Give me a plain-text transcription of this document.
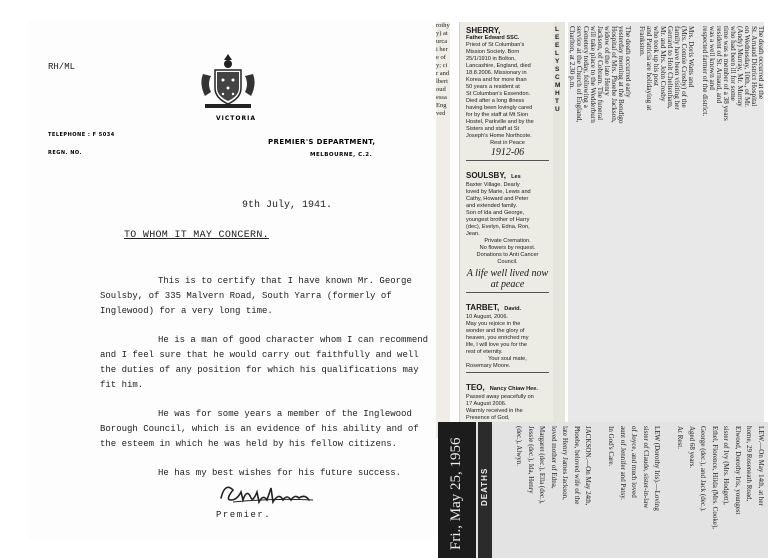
VICTORIA
RH/ML
TELEPHONE : F 5034
REGN. NO.
PREMIER'S DEPARTMENT,
MELBOURNE, C.2.
9th July, 1941.
TO WHOM IT MAY CONCERN.

This is to certify that I have known Mr. George Soulsby, of 335 Malvern Road, South Yarra (formerly of Inglewood) for a very long time.

He is a man of good character whom I can recommend and I feel sure that he would carry out faithfully and well the duties of any position for which his qualifications may fit him.

He was for some years a member of the Inglewood Borough Council, which is an evidence of his ability and of the esteem in which he was held by his fellow citizens.

He has my best wishes for his future success.

Premier.
rothy
y) at
urca
i her
e of
y; ci
r and
lbert
oud
essa
Eng
ved
SHERRY,
Father Edward SSC.
Priest of St Columban's
Mission Society. Born
25/1/1910 in Bolton,
Lancashire, England, died
18.8.2006. Missionary in
Korea and for more than
50 years a resident at
St Columban's Essendon.
Died after a long illness
having been lovingly cared
for by the staff at Mt Sion
Hostel, Parkville and by the
Sisters and staff at St
Joseph's Home Northcote.
Rest in Peace
1912-06
SOULSBY, Les
Baxter Village. Dearly
loved by Marie, Lewis and
Cathy, Howard and Peter
and extended family.
Son of Ida and George,
youngest brother of Harry
(dec), Evelyn, Edna, Ron,
Jean.
Private Cremation.
No flowers by request.
Donations to Anti Cancer
Council.
A life well lived now at peace
TARBET, David.
10 August, 2006.
May you rejoice in the
wonder and the glory of
heaven, you enriched my
life, I will love you for the
rest of eternity.
Your soul mate,
Rosemary Moore.
TEO, Nancy Chiaw Hee.
Passed away peacefully on
17 August 2006.
Warmly received in the
Presence of God,
L
E
E
L
Y
S
C
M
H
T
U
The death occurred at the
St. Arnaud District Hospital
on Wednesday, 10th., of Mr.
(Andy) Murray, Mr. Murray
who had been ill for some
time was a member of a 38 years
resident of St. Arnaud, and
was a well known and
respected farmer of the district.
Mrs. Doris Watts and
(Mrs. Connie Crosby) of the
family have been visiting her
Gerrard to Holt Cheltenham,
Mr. and Mrs. John Crosby
who took up his post
and Patricia are holidaying at
Frankston.
The death occurred early
yesterday morning at the Bendigo
Hospital of Mrs. Phoebe Jackson,
widow of the late Henry
Jackson, of Cobram. The funeral
will take place to the Wedderburn
Cemetery today, following a
service at the Church of England,
Charlton, at 2.30 p.m.
Fri., May 25, 1956 DEATHS	LEW.—On May 14th, at her
home, 29 Roseneath Road,
Elwood, Dorothy Iris, youngest
sister of Ivy (Mrs. Hodgett),
Ethel, Florence, Hilda (Mrs. Cooke),
George (dec.), and Jack (dec.).
Aged 68 years.
At Rest.
LEW (Dorothy Iris).—Loving
sister of Claude, sister-in-law
of Joyce, and much loved
aunt of Jennifer and Patsy.
In God's Care.
JACKSON.—On May 24th,
Phoebe, beloved wife of the
late Henry James Jackson,
loved mother of Edna,
Margaret (dec.), Ella (dec.),
Jessie (dec.), Ida, Henry
(dec.), Alwyn.
